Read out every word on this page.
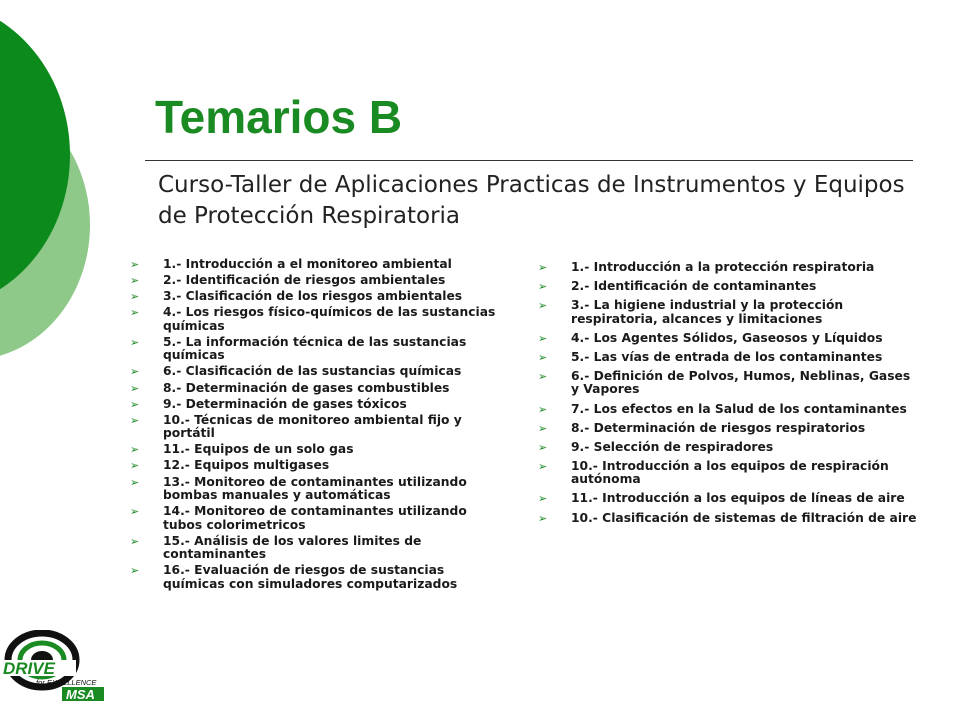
Temarios B

Curso-Taller de Aplicaciones Practicas de Instrumentos y Equipos de Protección Respiratoria

➢ 1.- Introducción a el monitoreo ambiental
➢ 2.- Identificación de riesgos ambientales
➢ 3.- Clasificación de los riesgos ambientales
➢ 4.- Los riesgos físico-químicos de las sustancias químicas
➢ 5.- La información técnica de las sustancias químicas
➢ 6.- Clasificación de las sustancias químicas
➢ 8.- Determinación de gases combustibles
➢ 9.- Determinación de gases tóxicos
➢ 10.- Técnicas de monitoreo ambiental fijo y portátil
➢ 11.- Equipos de un solo gas
➢ 12.- Equipos multigases
➢ 13.- Monitoreo de contaminantes utilizando bombas manuales y automáticas
➢ 14.- Monitoreo de contaminantes utilizando tubos colorimetricos
➢ 15.- Análisis de los valores limites de contaminantes
➢ 16.- Evaluación de riesgos de sustancias químicas con simuladores computarizados
➢ 1.- Introducción a la protección respiratoria
➢ 2.- Identificación de contaminantes
➢ 3.- La higiene industrial y la protección respiratoria, alcances y limitaciones
➢ 4.- Los Agentes Sólidos, Gaseosos y Líquidos
➢ 5.- Las vías de entrada de los contaminantes
➢ 6.- Definición de Polvos, Humos, Neblinas, Gases y Vapores
➢ 7.- Los efectos en la Salud de los contaminantes
➢ 8.- Determinación de riesgos respiratorios
➢ 9.- Selección de respiradores
➢ 10.- Introducción a los equipos de respiración autónoma
➢ 11.- Introducción a los equipos de líneas de aire
➢ 10.- Clasificación de sistemas de filtración de aire
DRIVE
for EXCELLENCE
MSA
